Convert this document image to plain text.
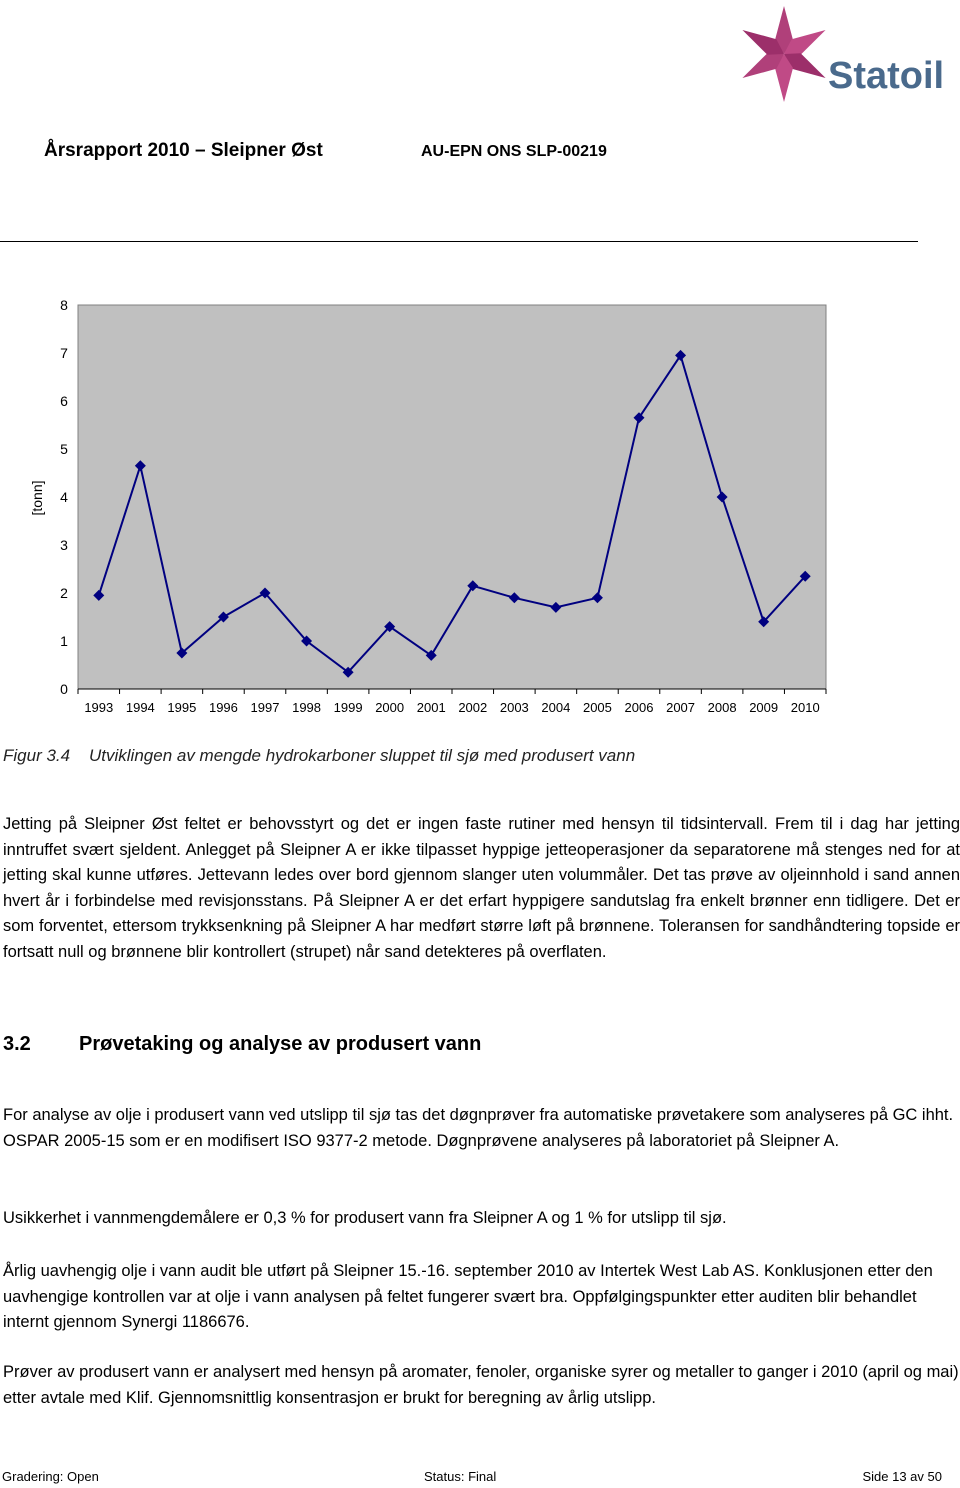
Statoil
Årsrapport 2010 – Sleipner Øst	AU-EPN ONS SLP-00219
0
1
2
3
4
5
6
7
8
1993 1994 1995 1996 1997 1998 1999 2000 2001 2002 2003 2004 2005 2006 2007 2008 2009 2010
[tonn]
Figur 3.4 Utviklingen av mengde hydrokarboner sluppet til sjø med produsert vann
Jetting på Sleipner Øst feltet er behovsstyrt og det er ingen faste rutiner med hensyn til tidsintervall. Frem til i dag har jetting inntruffet svært sjeldent. Anlegget på Sleipner A er ikke tilpasset hyppige jetteoperasjoner da separatorene må stenges ned for at jetting skal kunne utføres. Jettevann ledes over bord gjennom slanger uten volummåler. Det tas prøve av oljeinnhold i sand annen hvert år i forbindelse med revisjonsstans. På Sleipner A er det erfart hyppigere sandutslag fra enkelt brønner enn tidligere. Det er som forventet, ettersom trykksenkning på Sleipner A har medført større løft på brønnene. Toleransen for sandhåndtering topside er fortsatt null og brønnene blir kontrollert (strupet) når sand detekteres på overflaten.
3.2 Prøvetaking og analyse av produsert vann
For analyse av olje i produsert vann ved utslipp til sjø tas det døgnprøver fra automatiske prøvetakere som analyseres på GC ihht. OSPAR 2005-15 som er en modifisert ISO 9377-2 metode. Døgnprøvene analyseres på laboratoriet på Sleipner A.
Usikkerhet i vannmengdemålere er 0,3 % for produsert vann fra Sleipner A og 1 % for utslipp til sjø.
Årlig uavhengig olje i vann audit ble utført på Sleipner 15.-16. september 2010 av Intertek West Lab AS. Konklusjonen etter den uavhengige kontrollen var at olje i vann analysen på feltet fungerer svært bra. Oppfølgingspunkter etter auditen blir behandlet internt gjennom Synergi 1186676.
Prøver av produsert vann er analysert med hensyn på aromater, fenoler, organiske syrer og metaller to ganger i 2010 (april og mai) etter avtale med Klif. Gjennomsnittlig konsentrasjon er brukt for beregning av årlig utslipp.
Gradering: Open	Status: Final	Side 13 av 50
